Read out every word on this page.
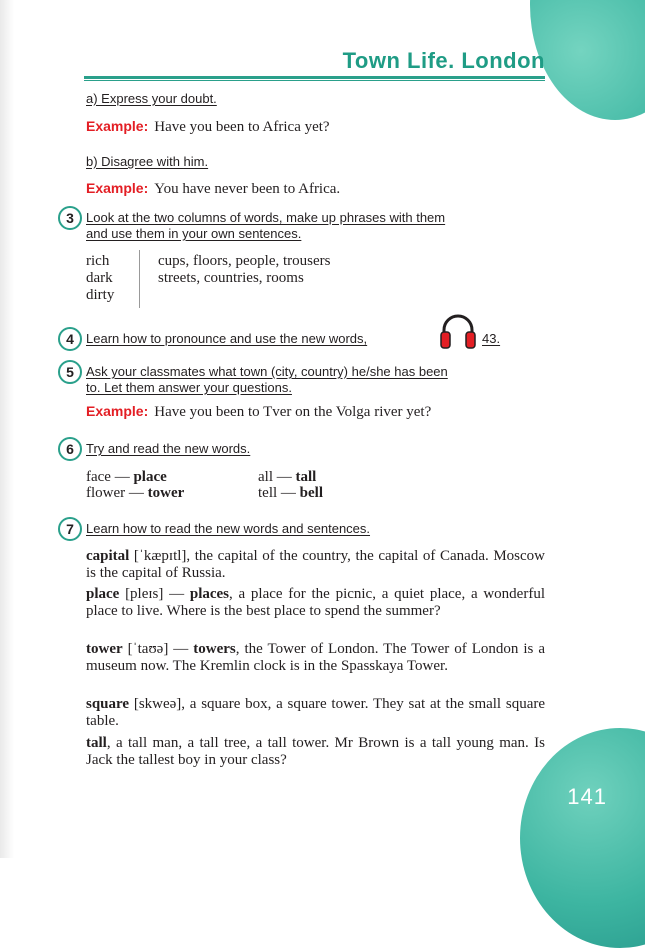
Town Life. London
a) Express your doubt.
Example: Have you been to Africa yet?
b) Disagree with him.
Example: You have never been to Africa.
3 Look at the two columns of words, make up phrases with them
and use them in your own sentences.
rich
dark
dirty
cups, floors, people, trousers
streets, countries, rooms
4 Learn how to pronounce and use the new words,	43.
5 Ask your classmates what town (city, country) he/she has been
to. Let them answer your questions.
Example: Have you been to Tver on the Volga river yet?
6 Try and read the new words.
face — place
flower — tower
all — tall
tell — bell
7 Learn how to read the new words and sentences.

capital [ˈkæpɪtl], the capital of the country, the capital of Canada. Moscow is the capital of Russia.

place [pleɪs] — places, a place for the picnic, a quiet place, a wonderful place to live. Where is the best place to spend the summer?

tower [ˈtaʊə] — towers, the Tower of London. The Tower of London is a museum now. The Kremlin clock is in the Spasskaya Tower.

square [skweə], a square box, a square tower. They sat at the small square table.

tall, a tall man, a tall tree, a tall tower. Mr Brown is a tall young man. Is Jack the tallest boy in your class?

141
